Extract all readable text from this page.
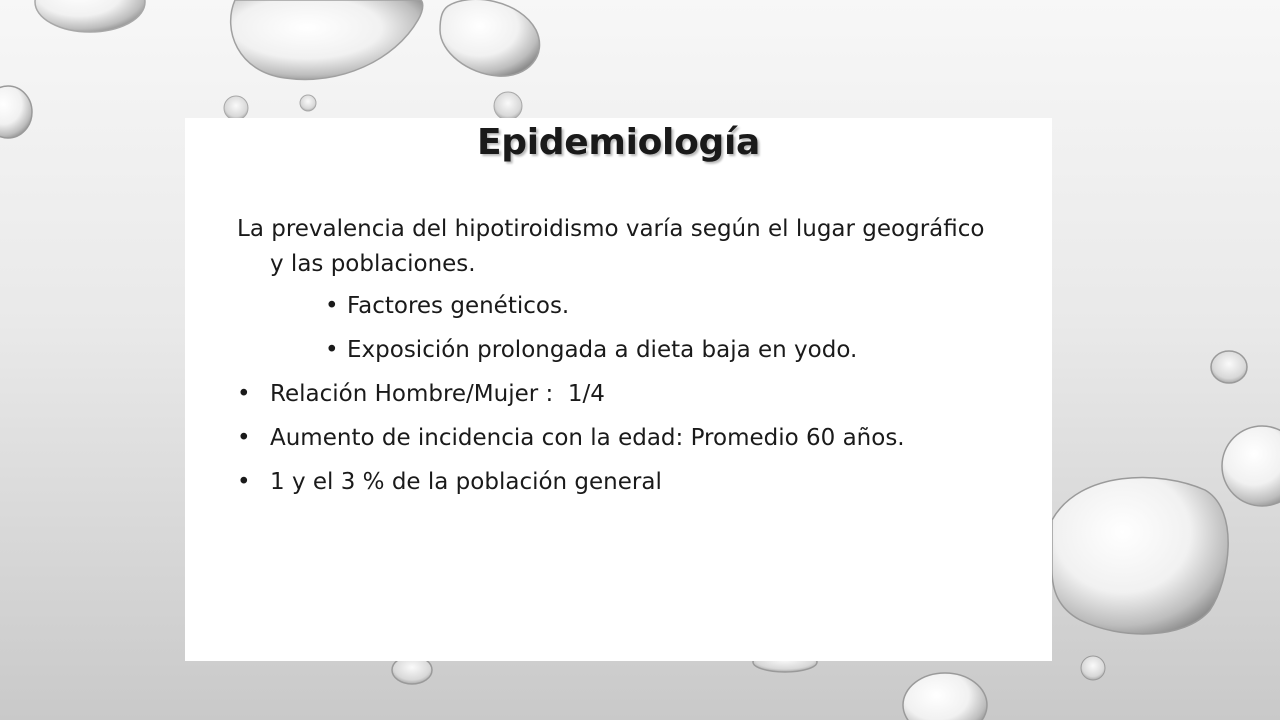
Epidemiología

La prevalencia del hipotiroidismo varía según el lugar geográfico y las poblaciones.

• Factores genéticos.
• Exposición prolongada a dieta baja en yodo.
• Relación Hombre/Mujer :  1/4
• Aumento de incidencia con la edad: Promedio 60 años.
• 1 y el 3 % de la población general
